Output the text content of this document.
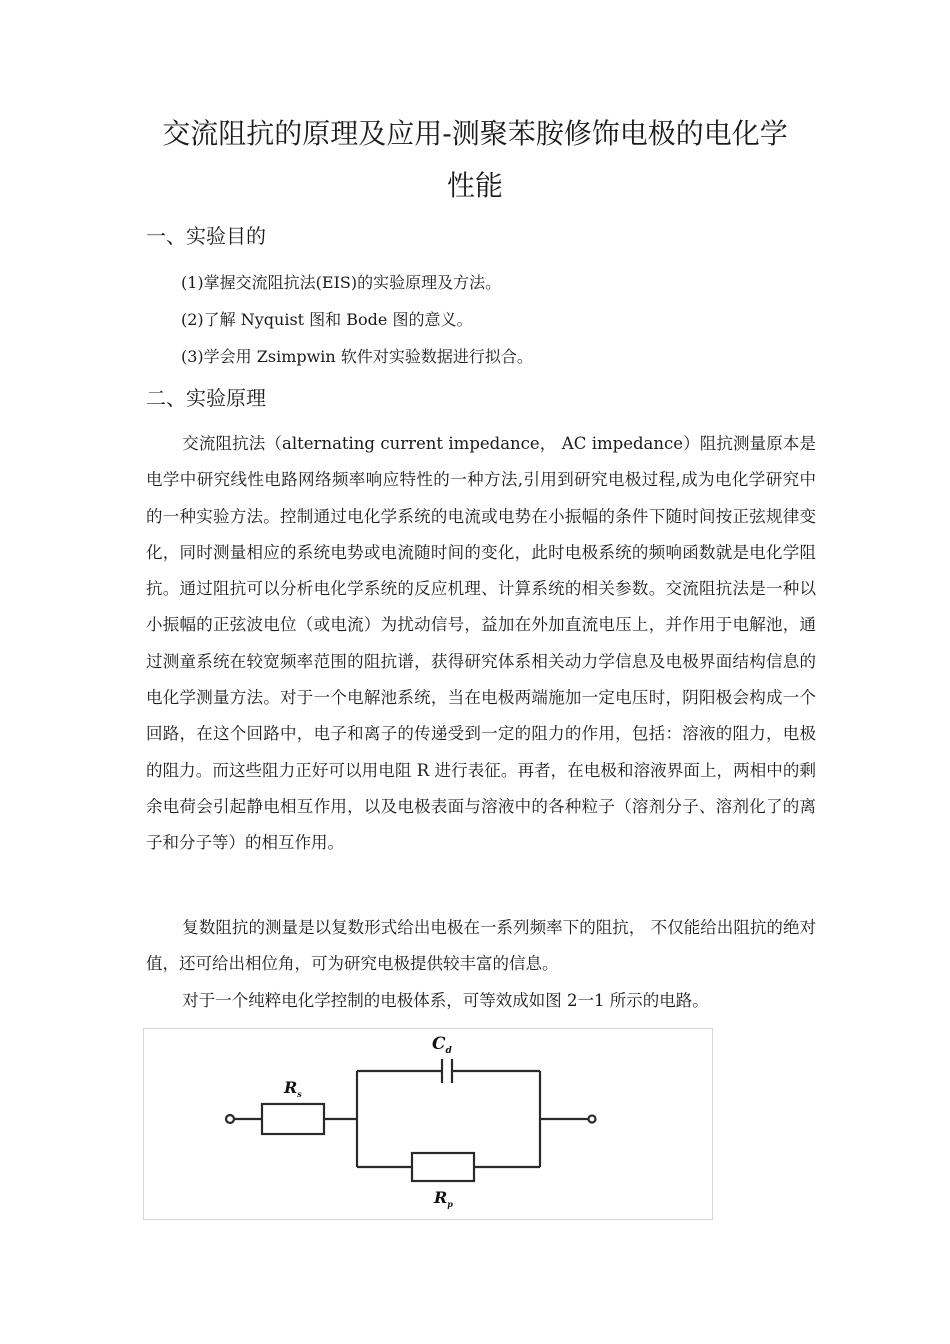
交流阻抗的原理及应用-测聚苯胺修饰电极的电化学
性能
一、实验目的
(1)掌握交流阻抗法(EIS)的实验原理及方法。
(2)了解 Nyquist 图和 Bode 图的意义。
(3)学会用 Zsimpwin 软件对实验数据进行拟合。
二、实验原理

交流阻抗法（alternating current impedance， AC impedance）阻抗测量原本是电学中研究线性电路网络频率响应特性的一种方法,引用到研究电极过程,成为电化学研究中的一种实验方法。控制通过电化学系统的电流或电势在小振幅的条件下随时间按正弦规律变化，同时测量相应的系统电势或电流随时间的变化，此时电极系统的频响函数就是电化学阻抗。通过阻抗可以分析电化学系统的反应机理、计算系统的相关参数。交流阻抗法是一种以小振幅的正弦波电位（或电流）为扰动信号，益加在外加直流电压上，并作用于电解池，通过测童系统在较宽频率范围的阻抗谱，获得研究体系相关动力学信息及电极界面结构信息的电化学测量方法。对于一个电解池系统，当在电极两端施加一定电压时，阴阳极会构成一个回路，在这个回路中，电子和离子的传递受到一定的阻力的作用，包括：溶液的阻力，电极的阻力。而这些阻力正好可以用电阻 R 进行表征。再者，在电极和溶液界面上，两相中的剩余电荷会引起静电相互作用，以及电极表面与溶液中的各种粒子（溶剂分子、溶剂化了的离子和分子等）的相互作用。

复数阻抗的测量是以复数形式给出电极在一系列频率下的阻抗， 不仅能给出阻抗的绝对值，还可给出相位角，可为研究电极提供较丰富的信息。

对于一个纯粹电化学控制的电极体系，可等效成如图 2一1 所示的电路。

$C_d$
$R_s$
$R_p$
